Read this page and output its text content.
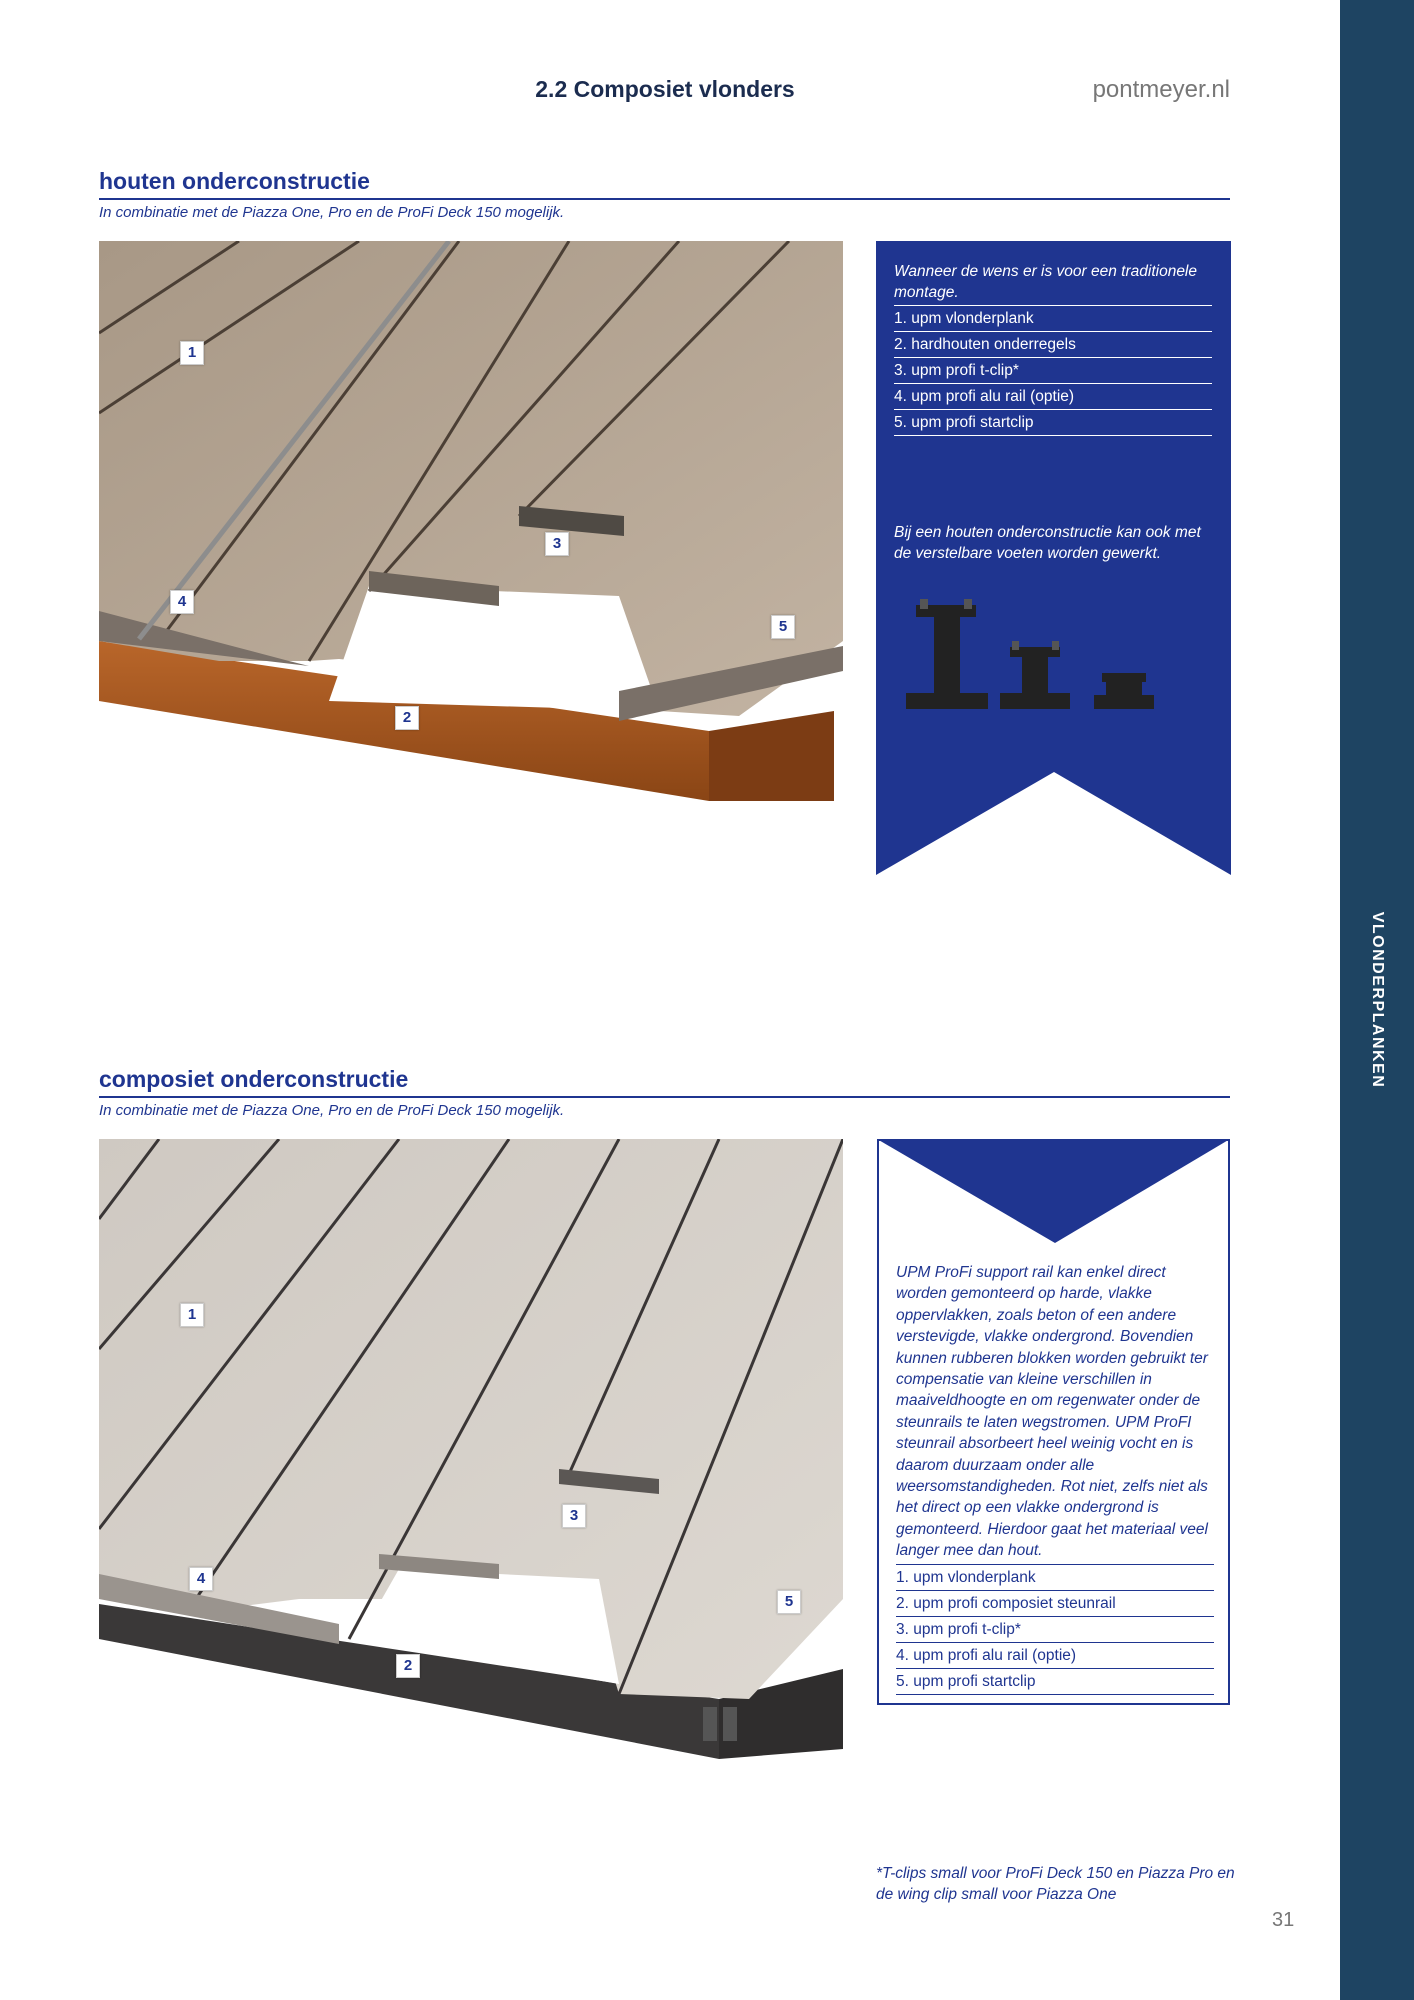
VLONDERPLANKEN
2.2 Composiet vlonders	pontmeyer.nl
houten onderconstructie
In combinatie met de Piazza One, Pro en de ProFi Deck 150 mogelijk.
1
2
3
4
5
Wanneer de wens er is voor een traditionele montage.
1. upm vlonderplank
2. hardhouten onderregels
3. upm profi t-clip*
4. upm profi alu rail (optie)
5. upm profi startclip
Bij een houten onderconstructie kan ook met de verstelbare voeten worden gewerkt.
composiet onderconstructie
In combinatie met de Piazza One, Pro en de ProFi Deck 150 mogelijk.
1
2
3
4
5
UPM ProFi support rail kan enkel direct worden gemonteerd op harde, vlakke oppervlakken, zoals beton of een andere verstevigde, vlakke ondergrond. Bovendien kunnen rubberen blokken worden gebruikt ter compensatie van kleine verschillen in maaiveldhoogte en om regenwater onder de steunrails te laten wegstromen. UPM ProFI steunrail absorbeert heel weinig vocht en is daarom duurzaam onder alle weersomstandigheden. Rot niet, zelfs niet als het direct op een vlakke ondergrond is gemonteerd. Hierdoor gaat het materiaal veel langer mee dan hout.
1. upm vlonderplank
2. upm profi composiet steunrail
3. upm profi t-clip*
4. upm profi alu rail (optie)
5. upm profi startclip
*T-clips small voor ProFi Deck 150 en Piazza Pro en de wing clip small voor Piazza One
31
